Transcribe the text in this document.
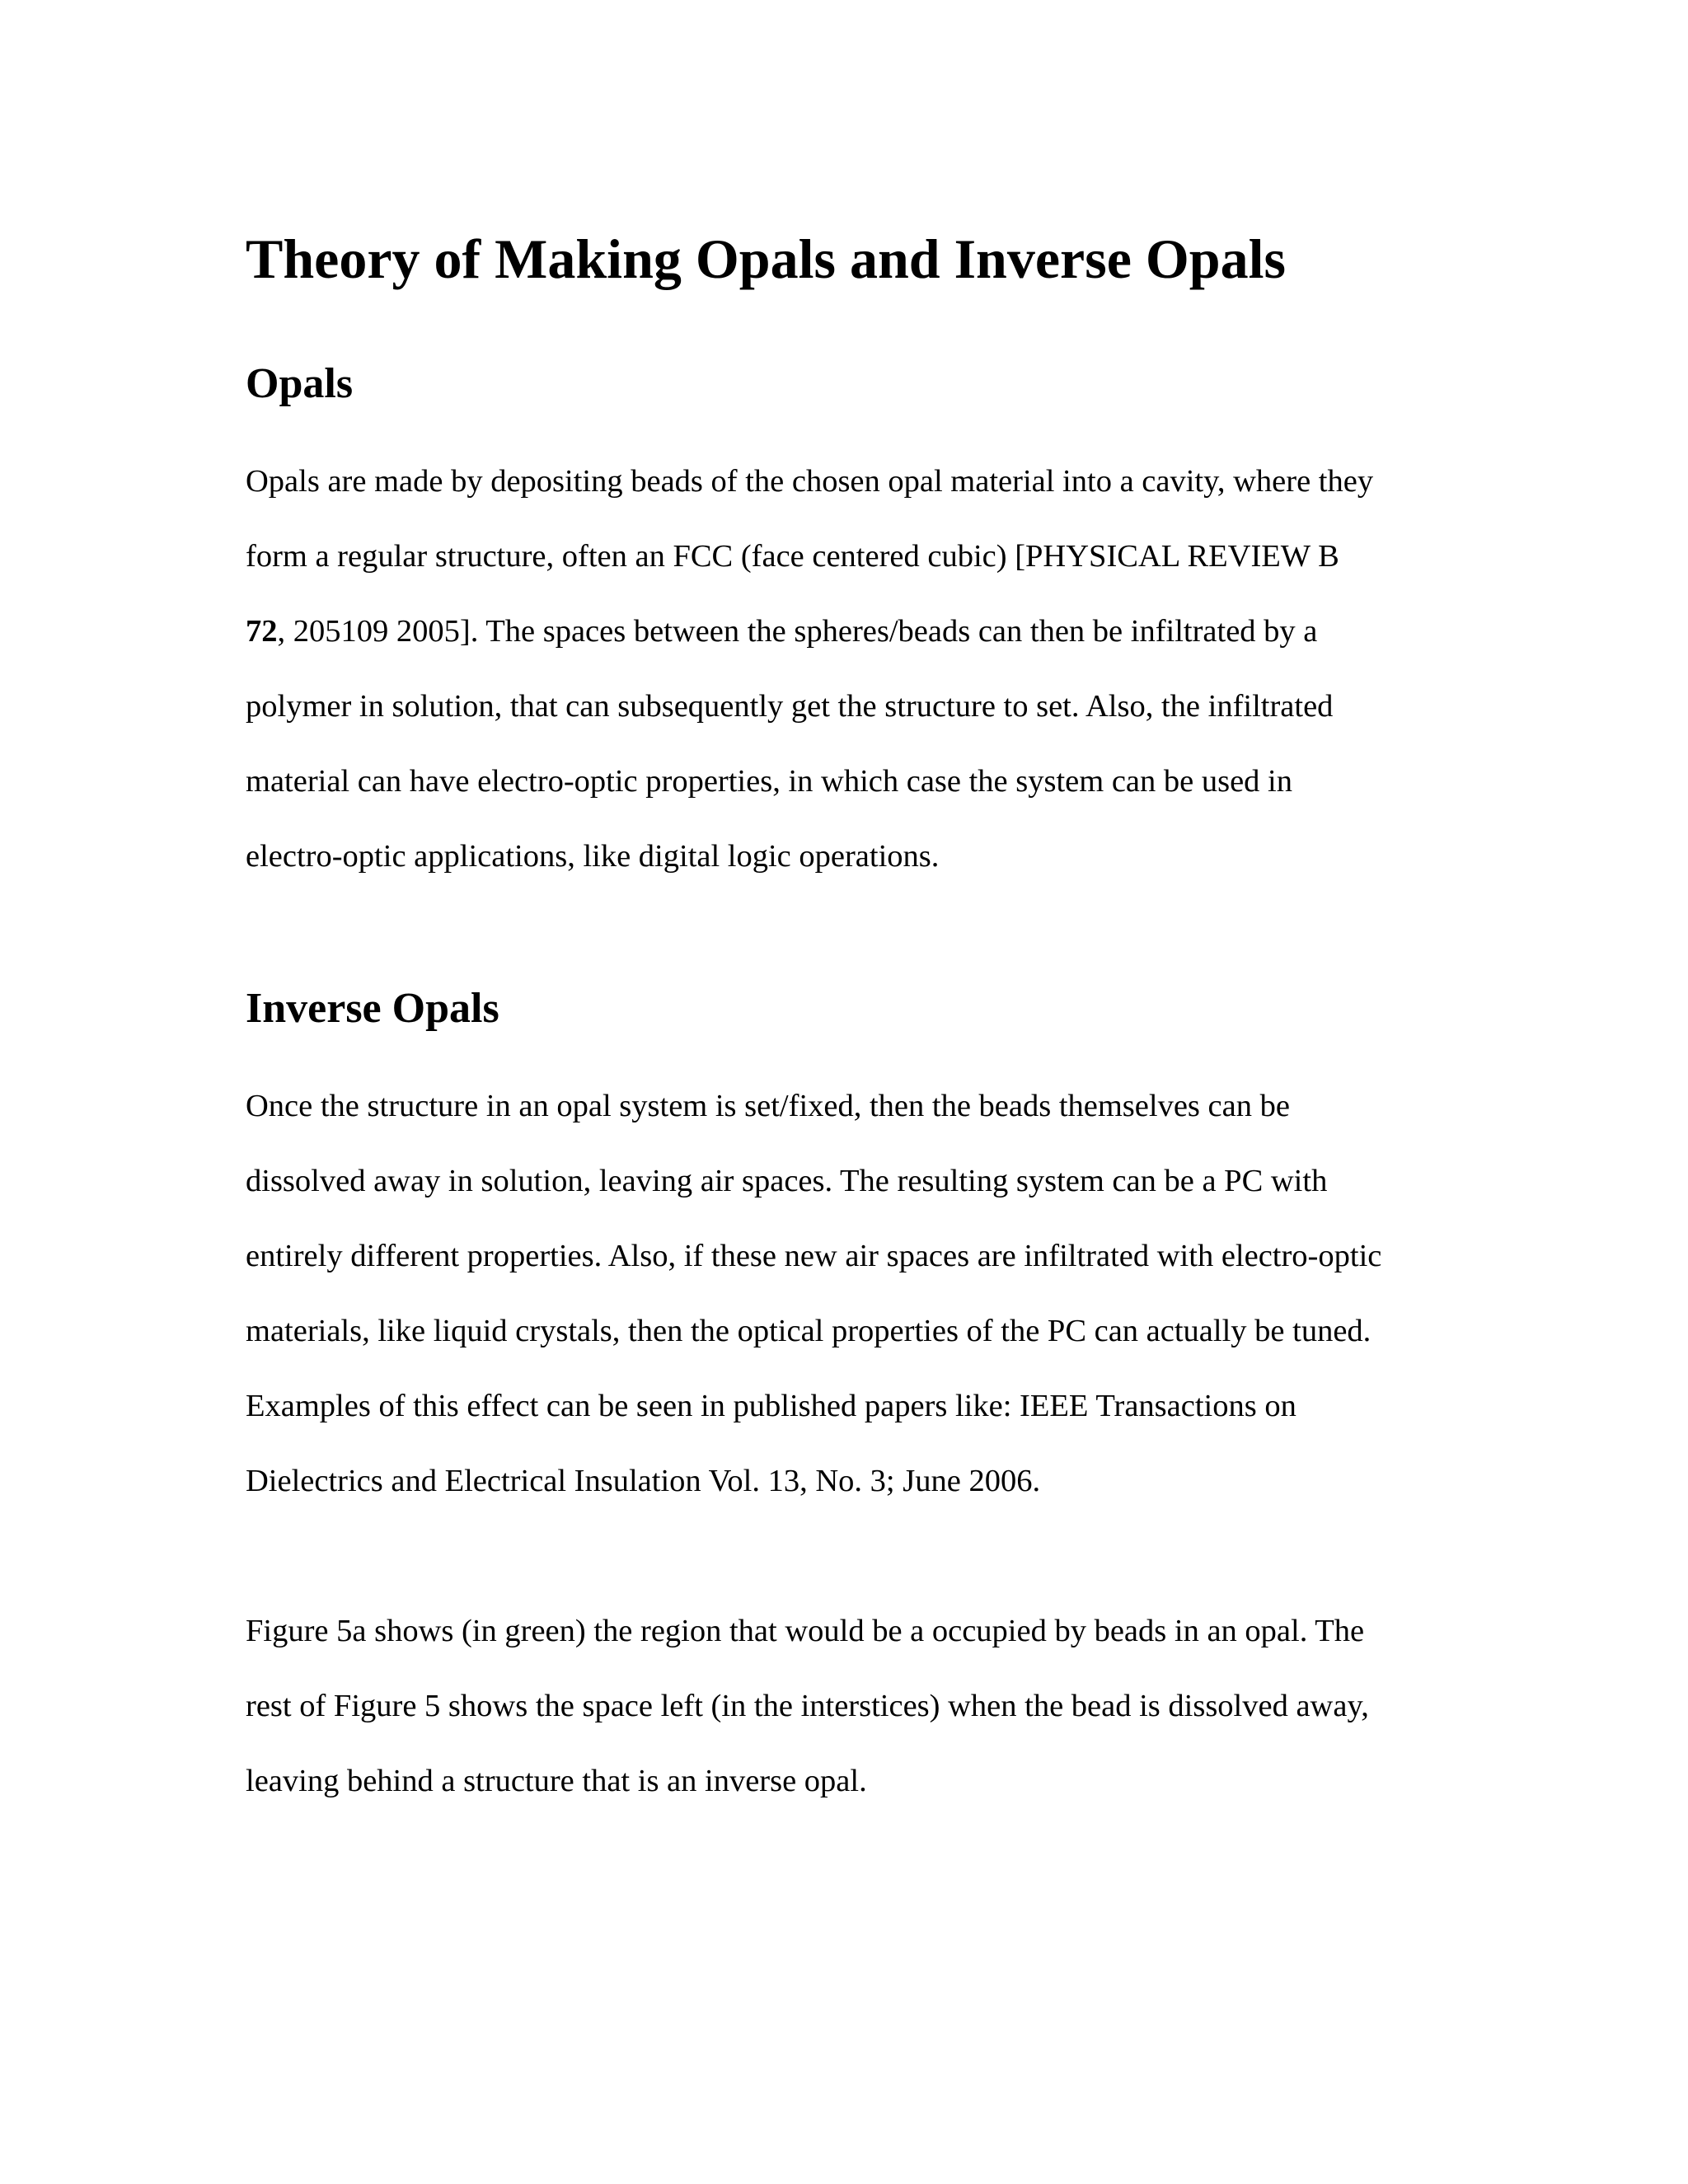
Theory of Making Opals and Inverse Opals
Opals
Opals are made by depositing beads of the chosen opal material into a cavity, where they
form a regular structure, often an FCC (face centered cubic) [PHYSICAL REVIEW B
72, 205109 2005]. The spaces between the spheres/beads can then be infiltrated by a
polymer in solution, that can subsequently get the structure to set. Also, the infiltrated
material can have electro-optic properties, in which case the system can be used in
electro-optic applications, like digital logic operations.
Inverse Opals
Once the structure in an opal system is set/fixed, then the beads themselves can be
dissolved away in solution, leaving air spaces. The resulting system can be a PC with
entirely different properties. Also, if these new air spaces are infiltrated with electro-optic
materials, like liquid crystals, then the optical properties of the PC can actually be tuned.
Examples of this effect can be seen in published papers like: IEEE Transactions on
Dielectrics and Electrical Insulation Vol. 13, No. 3; June 2006.
Figure 5a shows (in green) the region that would be a occupied by beads in an opal. The
rest of Figure 5 shows the space left (in the interstices) when the bead is dissolved away,
leaving behind a structure that is an inverse opal.
